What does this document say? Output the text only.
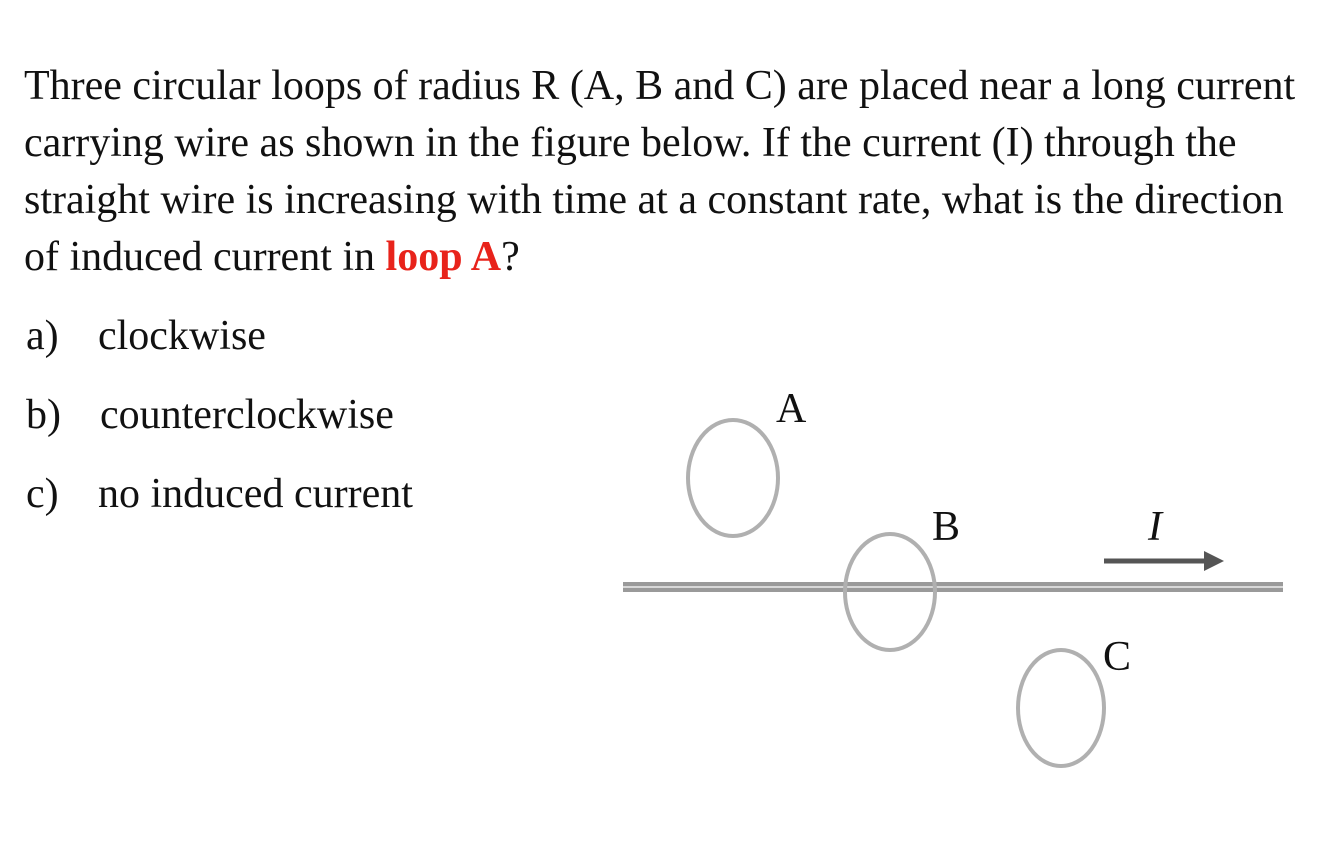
Three circular loops of radius R (A, B and C) are placed near a long current carrying wire as shown in the figure below. If the current (I) through the straight wire is increasing with time at a constant rate, what is the direction of induced current in loop A?

a) clockwise
b) counterclockwise
c) no induced current
A
B
C
I
